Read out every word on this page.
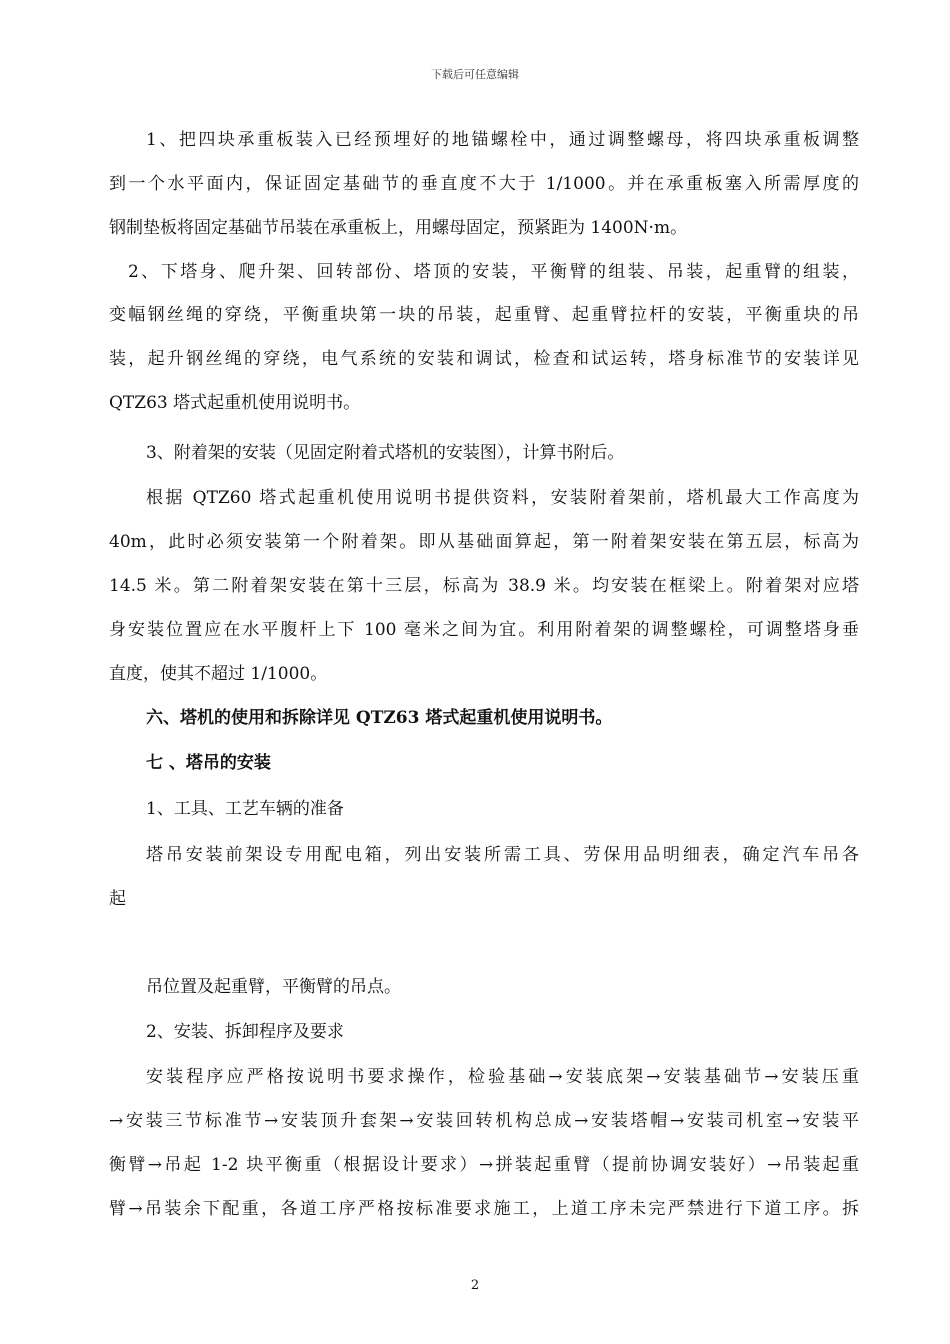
下载后可任意编辑
1、把四块承重板装入已经预埋好的地锚螺栓中，通过调整螺母，将四块承重板调整
到一个水平面内，保证固定基础节的垂直度不大于 1/1000。并在承重板塞入所需厚度的
钢制垫板将固定基础节吊装在承重板上，用螺母固定，预紧距为 1400N·m。
2、下塔身、爬升架、回转部份、塔顶的安装，平衡臂的组装、吊装，起重臂的组装，
变幅钢丝绳的穿绕，平衡重块第一块的吊装，起重臂、起重臂拉杆的安装，平衡重块的吊
装，起升钢丝绳的穿绕，电气系统的安装和调试，检查和试运转，塔身标准节的安装详见
QTZ63 塔式起重机使用说明书。
3、附着架的安装（见固定附着式塔机的安装图），计算书附后。
根据 QTZ60 塔式起重机使用说明书提供资料，安装附着架前，塔机最大工作高度为
40m，此时必须安装第一个附着架。即从基础面算起，第一附着架安装在第五层，标高为
14.5 米。第二附着架安装在第十三层，标高为 38.9 米。均安装在框梁上。附着架对应塔
身安装位置应在水平腹杆上下 100 毫米之间为宜。利用附着架的调整螺栓，可调整塔身垂
直度，使其不超过 1/1000。
六、塔机的使用和拆除详见 QTZ63 塔式起重机使用说明书。
七 、塔吊的安装
1、工具、工艺车辆的准备
塔吊安装前架设专用配电箱，列出安装所需工具、劳保用品明细表，确定汽车吊各
起
吊位置及起重臂，平衡臂的吊点。
2、安装、拆卸程序及要求
安装程序应严格按说明书要求操作，检验基础→安装底架→安装基础节→安装压重
→安装三节标准节→安装顶升套架→安装回转机构总成→安装塔帽→安装司机室→安装平
衡臂→吊起 1-2 块平衡重（根据设计要求）→拼装起重臂（提前协调安装好）→吊装起重
臂→吊装余下配重，各道工序严格按标准要求施工，上道工序未完严禁进行下道工序。拆
2
